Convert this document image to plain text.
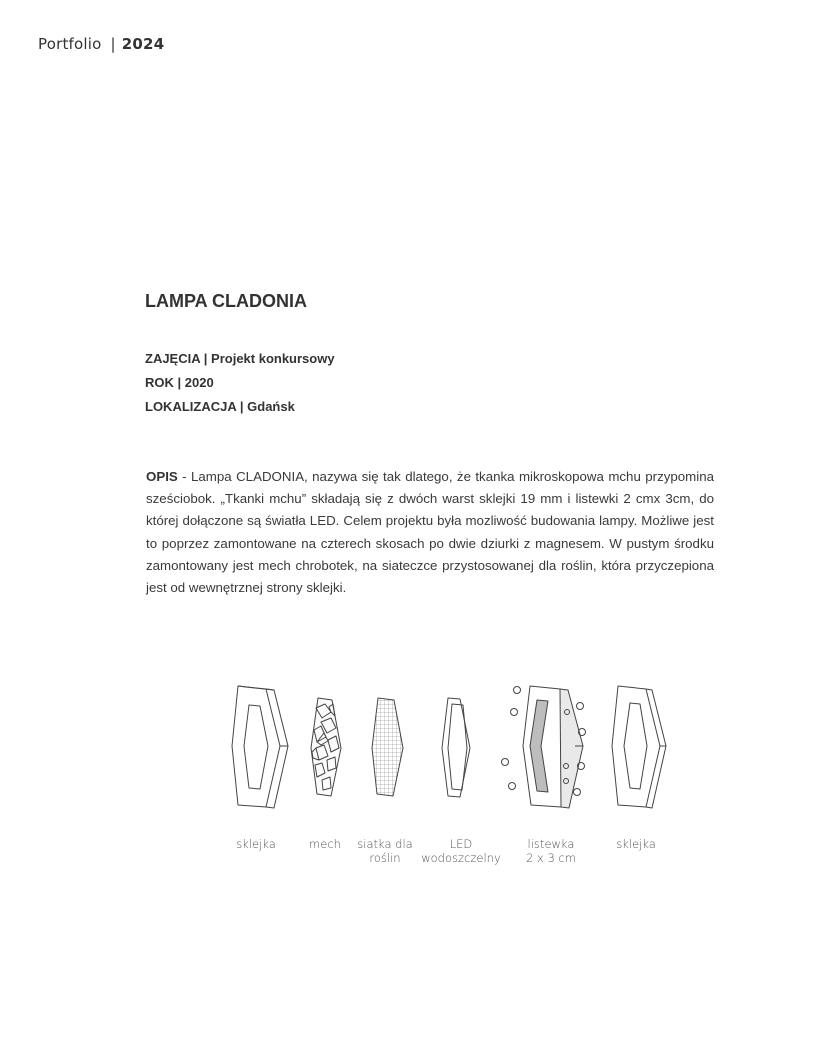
Portfolio | 2024
LAMPA CLADONIA
ZAJĘCIA | Projekt konkursowy
ROK | 2020
LOKALIZACJA | Gdańsk

OPIS - Lampa CLADONIA, nazywa się tak dlatego, że tkanka mikroskopowa mchu przypomina sześciobok. „Tkanki mchu” składają się z dwóch warst sklejki 19 mm i listewki 2 cmx 3cm, do której dołączone są światła LED. Celem projektu była mozliwość budowania lampy. Możliwe jest to poprzez zamontowane na czterech skosach po dwie dziurki z magnesem. W pustym środku zamontowany jest mech chrobotek, na siateczce przystosowanej dla roślin, która przyczepiona jest od wewnętrznej strony sklejki.

sklejka	mech	siatka dla
roślin
LED
wodoszczelny
listewka
2 x 3 cm
sklejka
